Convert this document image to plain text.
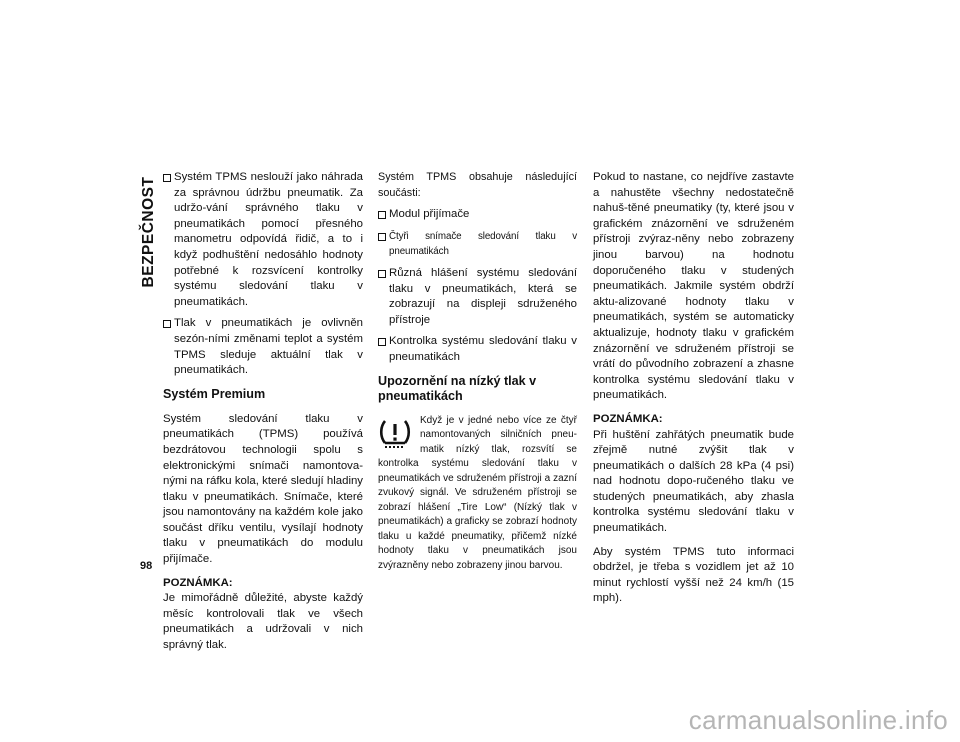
BEZPEČNOST	Systém TPMS neslouží jako náhrada za správnou údržbu pneumatik. Za udržo-vání správného tlaku v pneumatikách pomocí přesného manometru odpovídá řidič, a to i když podhuštění nedosáhlo hodnoty potřebné k rozsvícení kontrolky systému sledování tlaku v pneumatikách.
Tlak v pneumatikách je ovlivněn sezón-ními změnami teplot a systém TPMS sleduje aktuální tlak v pneumatikách.
Systém Premium

Systém sledování tlaku v pneumatikách (TPMS) používá bezdrátovou technologii spolu s elektronickými snímači namontova-nými na ráfku kola, které sledují hladiny tlaku v pneumatikách. Snímače, které jsou namontovány na každém kole jako součást dříku ventilu, vysílají hodnoty tlaku v pneumatikách do modulu přijímače.

POZNÁMKA:

Je mimořádně důležité, abyste každý měsíc kontrolovali tlak ve všech pneumatikách a udržovali v nich správný tlak.

Systém TPMS obsahuje následující součásti:

Modul přijímače
Čtyři snímače sledování tlaku v pneumatikách
Různá hlášení systému sledování tlaku v pneumatikách, která se zobrazují na displeji sdruženého přístroje
Kontrolka systému sledování tlaku v pneumatikách
Upozornění na nízký tlak v pneumatikách
Když je v jedné nebo více ze čtyř namontovaných silničních pneu-matik nízký tlak, rozsvítí se kontrolka systému sledování tlaku v pneumatikách ve sdruženém přístroji a zazní zvukový signál. Ve sdruženém přístroji se zobrazí hlášení „Tire Low“ (Nízký tlak v pneumatikách) a graficky se zobrazí hodnoty tlaku u každé pneumatiky, přičemž nízké hodnoty tlaku v pneumatikách jsou zvýrazněny nebo zobrazeny jinou barvou.

Pokud to nastane, co nejdříve zastavte a nahustěte všechny nedostatečně nahuš-těné pneumatiky (ty, které jsou v grafickém znázornění ve sdruženém přístroji zvýraz-něny nebo zobrazeny jinou barvou) na hodnotu doporučeného tlaku v studených pneumatikách. Jakmile systém obdrží aktu-alizované hodnoty tlaku v pneumatikách, systém se automaticky aktualizuje, hodnoty tlaku v grafickém znázornění ve sdruženém přístroji se vrátí do původního zobrazení a zhasne kontrolka systému sledování tlaku v pneumatikách.

POZNÁMKA:

Při huštění zahřátých pneumatik bude zřejmě nutné zvýšit tlak v pneumatikách o dalších 28 kPa (4 psi) nad hodnotu dopo-ručeného tlaku ve studených pneumatikách, aby zhasla kontrolka systému sledování tlaku v pneumatikách.

Aby systém TPMS tuto informaci obdržel, je třeba s vozidlem jet až 10 minut rychlostí vyšší než 24 km/h (15 mph).

98
carmanualsonline.info
